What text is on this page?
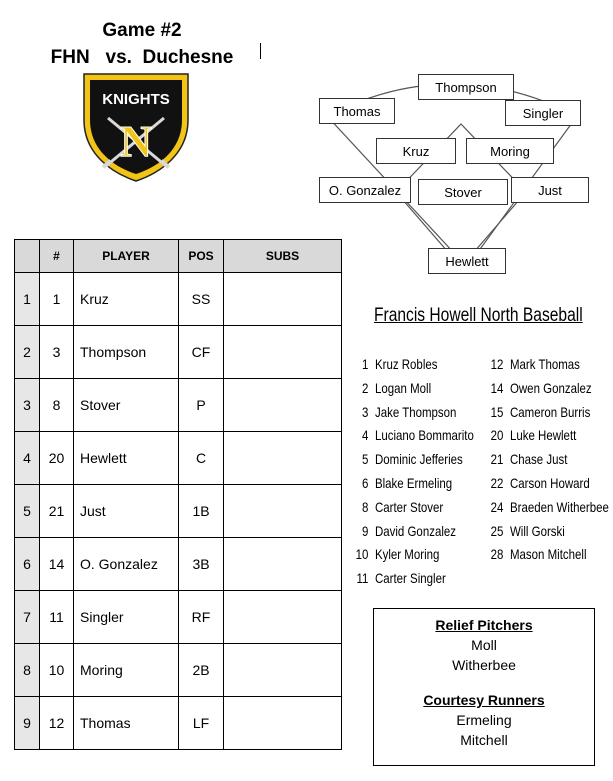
Game #2
FHN   vs.  Duchesne
KNIGHTS
N
Thompson
Thomas	Singler
Kruz	Moring
O. Gonzalez	Stover	Just
Hewlett
	#	PLAYER	POS	SUBS
1	1	Kruz	SS	
2	3	Thompson	CF	
3	8	Stover	P	
4	20	Hewlett	C	
5	21	Just	1B	
6	14	O. Gonzalez	3B	
7	11	Singler	RF	
8	10	Moring	2B	
9	12	Thomas	LF	
Francis Howell North Baseball
1 Kruz Robles
2 Logan Moll
3 Jake Thompson
4 Luciano Bommarito
5 Dominic Jefferies
6 Blake Ermeling
8 Carter Stover
9 David Gonzalez
10 Kyler Moring
11 Carter Singler
12 Mark Thomas
14 Owen Gonzalez
15 Cameron Burris
20 Luke Hewlett
21 Chase Just
22 Carson Howard
24 Braeden Witherbee
25 Will Gorski
28 Mason Mitchell
Relief Pitchers
Moll
Witherbee
Courtesy Runners
Ermeling
Mitchell
